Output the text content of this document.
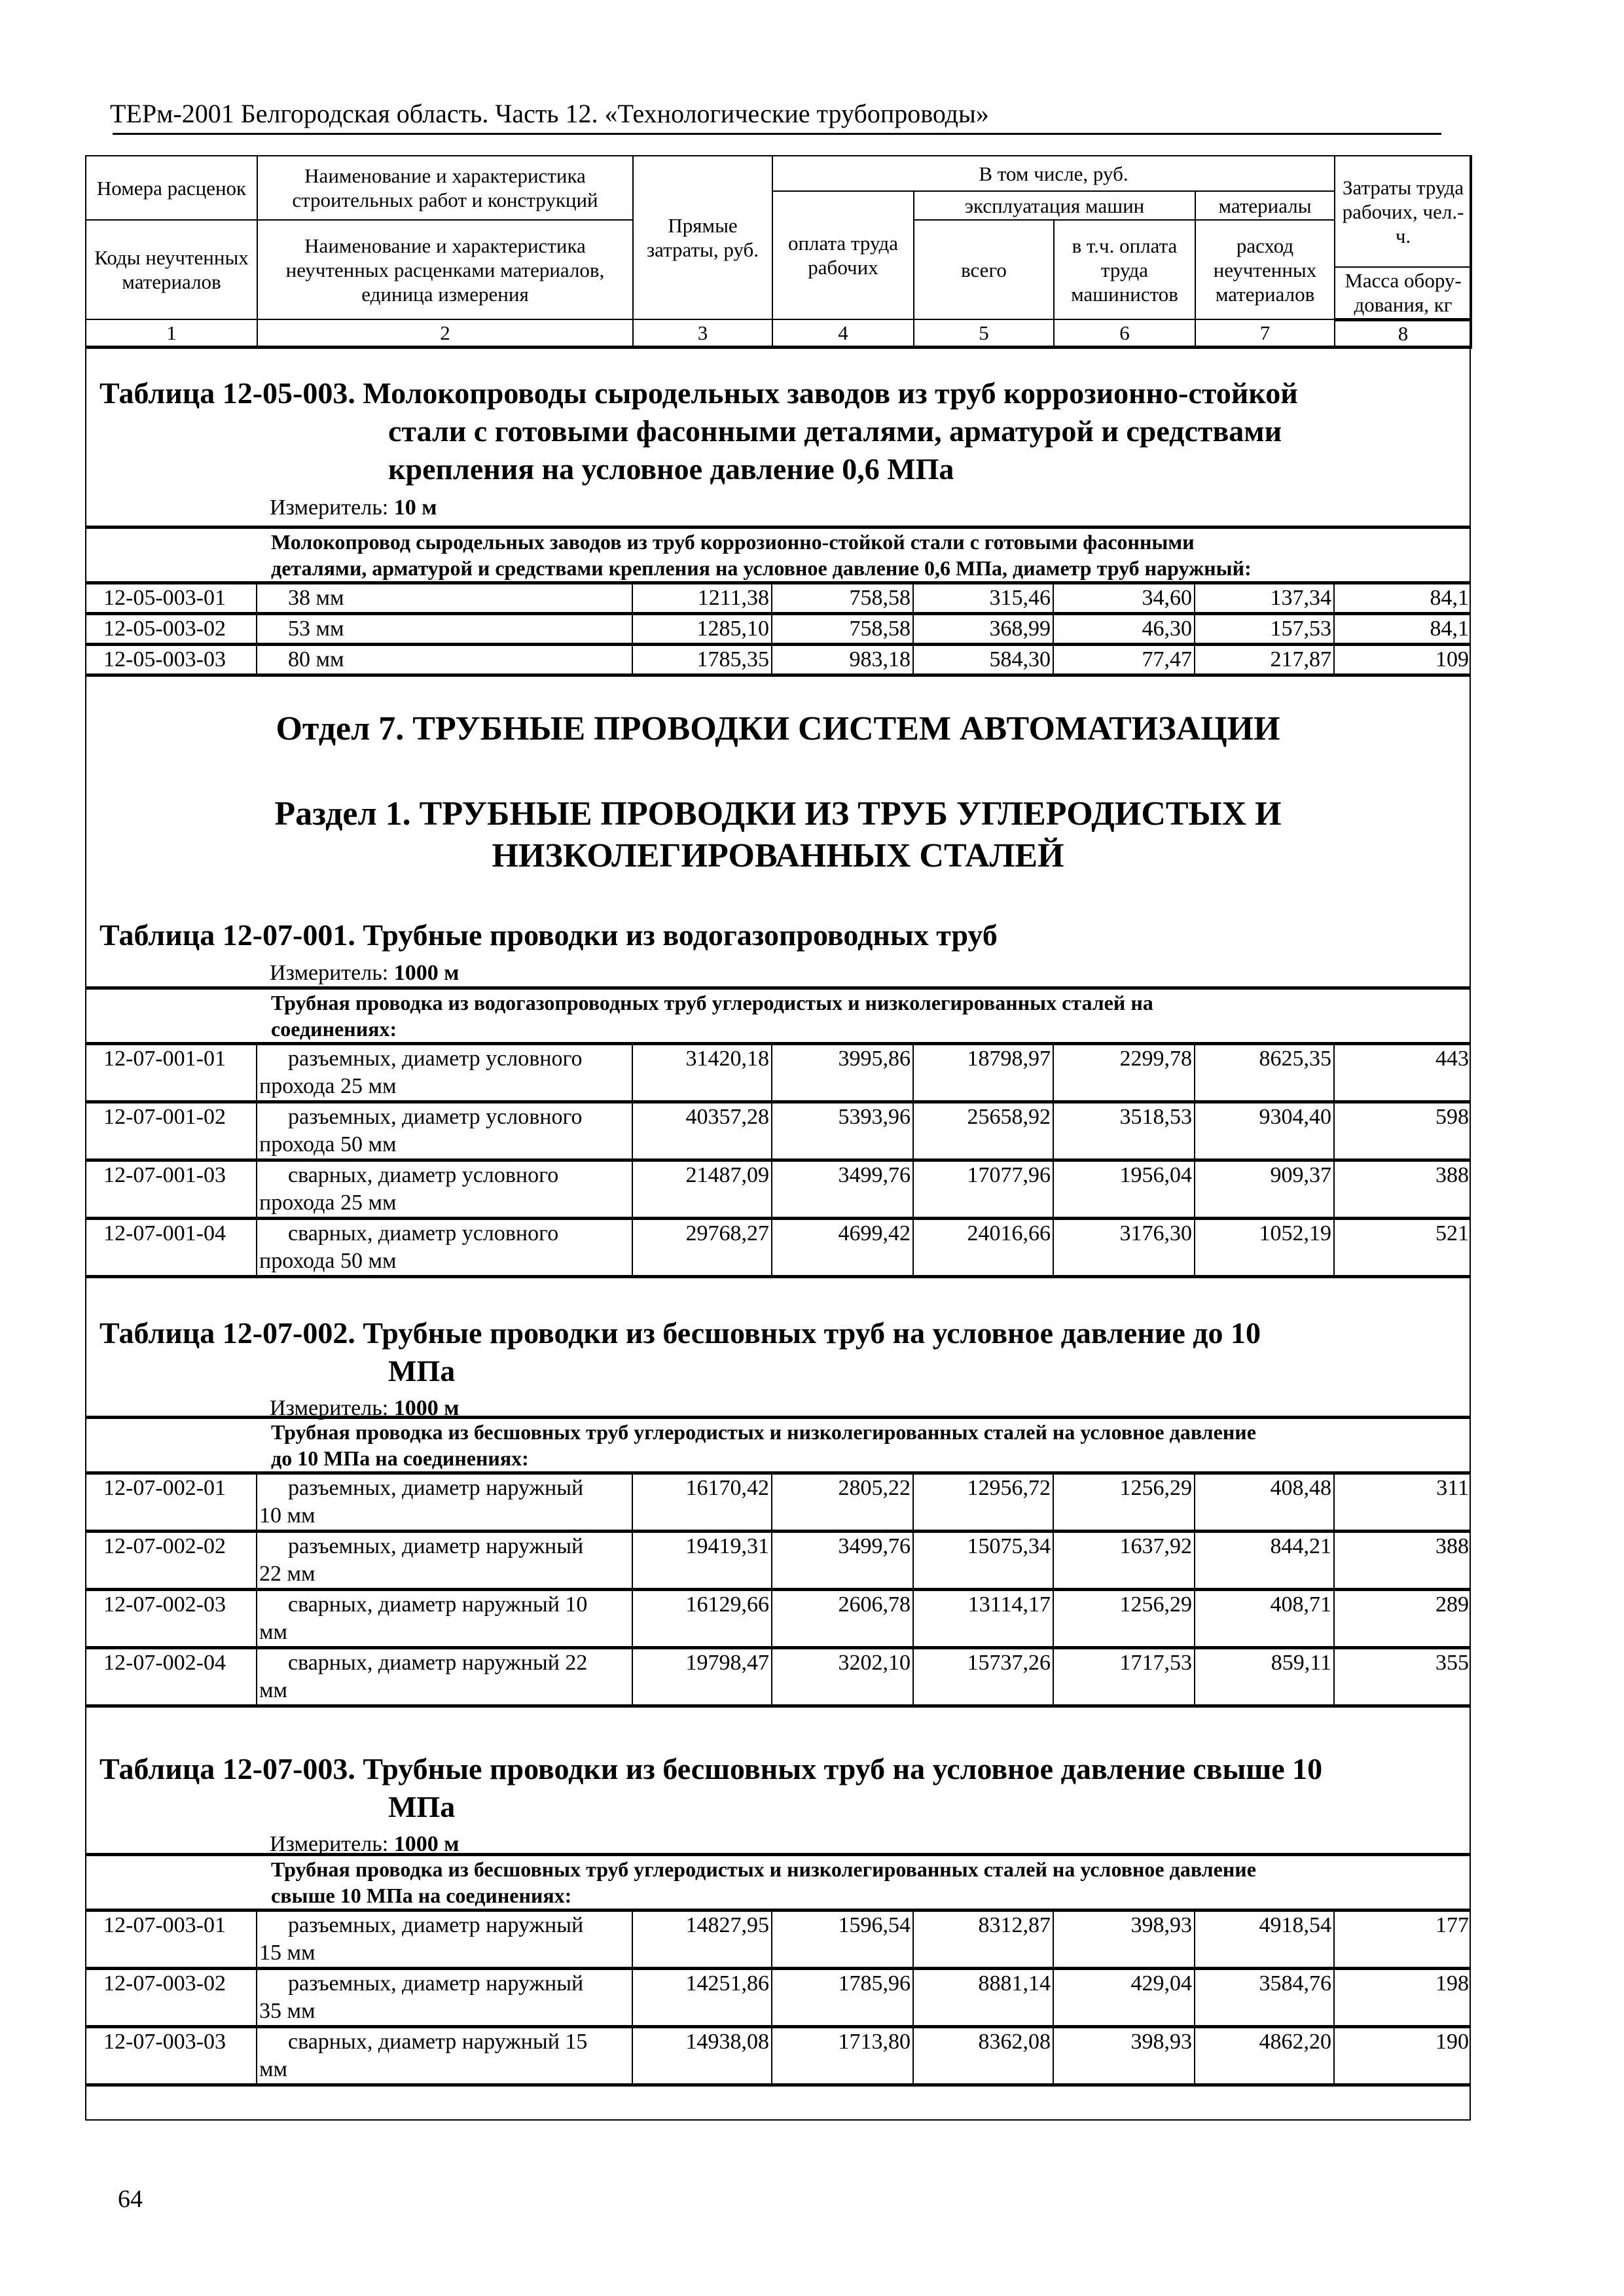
ТЕРм-2001 Белгородская область. Часть 12. «Технологические трубопроводы»
Номера расценок	Наименование и характеристика строительных работ и конструкций	Прямые затраты, руб.	В том числе, руб.				Затраты труда рабочих, чел.-ч.
			оплата труда рабочих	эксплуатация машин		материалы	
Коды неучтенных материалов	Наименование и характеристика неучтенных расценками материалов, единица измерения			всего	в т.ч. оплата труда машинистов	расход неучтенных материалов	
							Масса обору-дования, кг
1	2	3	4	5	6	7	8
Таблица 12-05-003. Молокопроводы сыродельных заводов из труб коррозионно-стойкой
стали с готовыми фасонными деталями, арматурой и средствами
крепления на условное давление 0,6 МПа
Измеритель: 10 м
Молокопровод сыродельных заводов из труб коррозионно-стойкой стали с готовыми фасонными
деталями, арматурой и средствами крепления на условное давление 0,6 МПа, диаметр труб наружный:							

12-05-003-01	38 мм	1211,38	758,58	315,46	34,60	137,34	84,1
12-05-003-02	53 мм	1285,10	758,58	368,99	46,30	157,53	84,1
12-05-003-03	80 мм	1785,35	983,18	584,30	77,47	217,87	109
Отдел 7. ТРУБНЫЕ ПРОВОДКИ СИСТЕМ АВТОМАТИЗАЦИИ
Раздел 1. ТРУБНЫЕ ПРОВОДКИ ИЗ ТРУБ УГЛЕРОДИСТЫХ И
НИЗКОЛЕГИРОВАННЫХ СТАЛЕЙ
Таблица 12-07-001. Трубные проводки из водогазопроводных труб
Измеритель: 1000 м
Трубная проводка из водогазопроводных труб углеродистых и низколегированных сталей на
соединениях:							

12-07-001-01	разъемных, диаметр условного
прохода 25 мм	31420,18	3995,86	18798,97	2299,78	8625,35	443
12-07-001-02	разъемных, диаметр условного
прохода 50 мм	40357,28	5393,96	25658,92	3518,53	9304,40	598
12-07-001-03	сварных, диаметр условного
прохода 25 мм	21487,09	3499,76	17077,96	1956,04	909,37	388
12-07-001-04	сварных, диаметр условного
прохода 50 мм	29768,27	4699,42	24016,66	3176,30	1052,19	521
Таблица 12-07-002. Трубные проводки из бесшовных труб на условное давление до 10
МПа
Измеритель: 1000 м
Трубная проводка из бесшовных труб углеродистых и низколегированных сталей на условное давление
до 10 МПа на соединениях:							

12-07-002-01	разъемных, диаметр наружный
10 мм	16170,42	2805,22	12956,72	1256,29	408,48	311
12-07-002-02	разъемных, диаметр наружный
22 мм	19419,31	3499,76	15075,34	1637,92	844,21	388
12-07-002-03	сварных, диаметр наружный 10
мм	16129,66	2606,78	13114,17	1256,29	408,71	289
12-07-002-04	сварных, диаметр наружный 22
мм	19798,47	3202,10	15737,26	1717,53	859,11	355
Таблица 12-07-003. Трубные проводки из бесшовных труб на условное давление свыше 10
МПа
Измеритель: 1000 м
Трубная проводка из бесшовных труб углеродистых и низколегированных сталей на условное давление
свыше 10 МПа на соединениях:							

12-07-003-01	разъемных, диаметр наружный
15 мм	14827,95	1596,54	8312,87	398,93	4918,54	177
12-07-003-02	разъемных, диаметр наружный
35 мм	14251,86	1785,96	8881,14	429,04	3584,76	198
12-07-003-03	сварных, диаметр наружный 15
мм	14938,08	1713,80	8362,08	398,93	4862,20	190
64
